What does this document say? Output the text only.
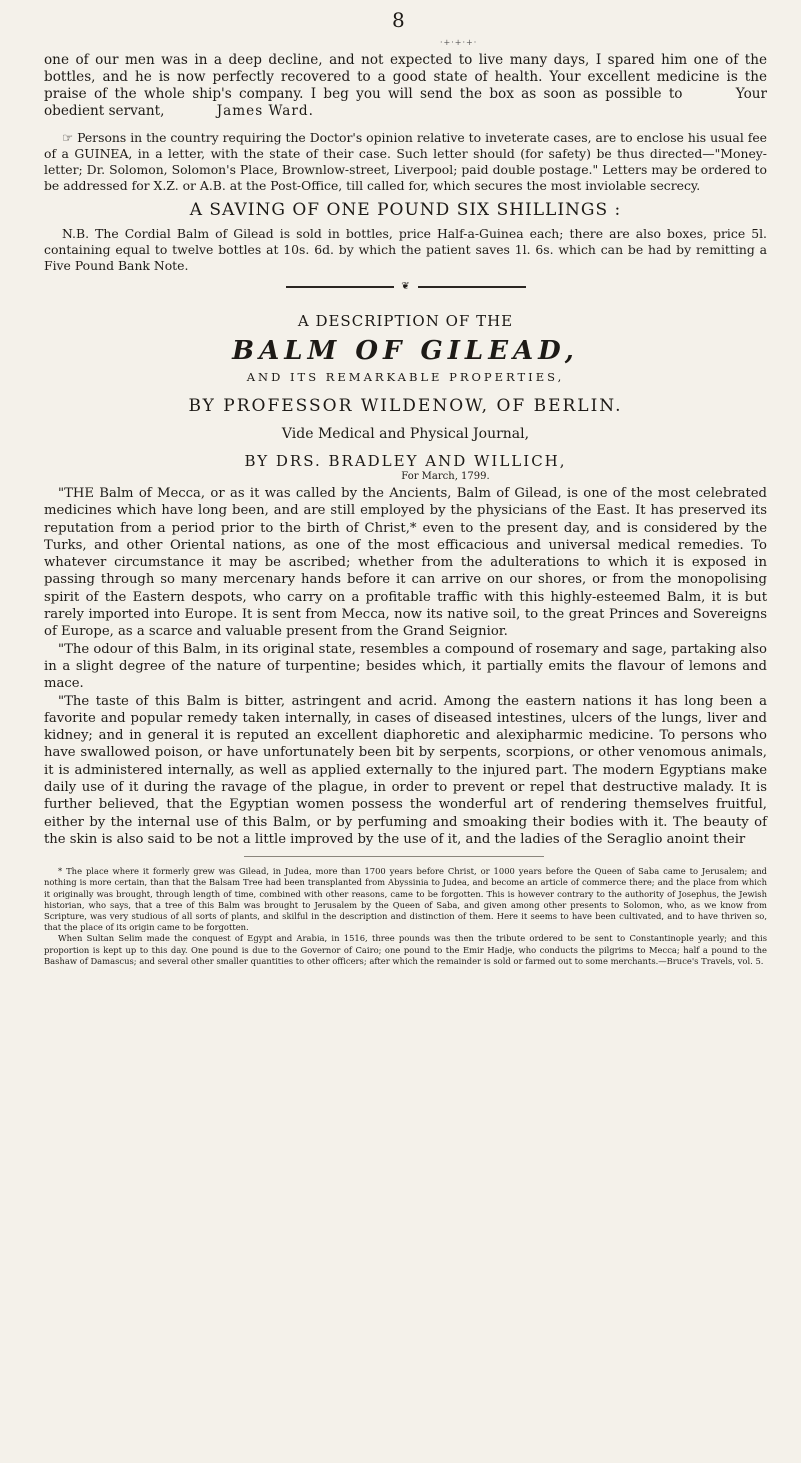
8
·+·+·+·

one of our men was in a deep decline, and not expected to live many days, I spared him one of the bottles, and he is now perfectly recovered to a good state of health. Your excellent medicine is the praise of the whole ship's company. I beg you will send the box as soon as possible to	Your obedient servant,	James Ward.

☞ Persons in the country requiring the Doctor's opinion relative to inveterate cases, are to enclose his usual fee of a GUINEA, in a letter, with the state of their case. Such letter should (for safety) be thus directed—"Money-letter; Dr. Solomon, Solomon's Place, Brownlow-street, Liverpool; paid double postage." Letters may be ordered to be addressed for X.Z. or A.B. at the Post-Office, till called for, which secures the most inviolable secrecy.

A SAVING OF ONE POUND SIX SHILLINGS :

N.B. The Cordial Balm of Gilead is sold in bottles, price Half-a-Guinea each; there are also boxes, price 5l. containing equal to twelve bottles at 10s. 6d. by which the patient saves 1l. 6s. which can be had by remitting a Five Pound Bank Note.

❦
A DESCRIPTION OF THE
BALM OF GILEAD,
AND ITS REMARKABLE PROPERTIES,
BY PROFESSOR WILDENOW, OF BERLIN.
Vide Medical and Physical Journal,
BY DRS. BRADLEY AND WILLICH,
For March, 1799.

"THE Balm of Mecca, or as it was called by the Ancients, Balm of Gilead, is one of the most celebrated medicines which have long been, and are still employed by the physicians of the East. It has preserved its reputation from a period prior to the birth of Christ,* even to the present day, and is considered by the Turks, and other Oriental nations, as one of the most efficacious and universal medical remedies. To whatever circumstance it may be ascribed; whether from the adulterations to which it is exposed in passing through so many mercenary hands before it can arrive on our shores, or from the monopolising spirit of the Eastern despots, who carry on a profitable traffic with this highly-esteemed Balm, it is but rarely imported into Europe. It is sent from Mecca, now its native soil, to the great Princes and Sovereigns of Europe, as a scarce and valuable present from the Grand Seignior.

"The odour of this Balm, in its original state, resembles a compound of rosemary and sage, partaking also in a slight degree of the nature of turpentine; besides which, it partially emits the flavour of lemons and mace.

"The taste of this Balm is bitter, astringent and acrid. Among the eastern nations it has long been a favorite and popular remedy taken internally, in cases of diseased intestines, ulcers of the lungs, liver and kidney; and in general it is reputed an excellent diaphoretic and alexipharmic medicine. To persons who have swallowed poison, or have unfortunately been bit by serpents, scorpions, or other venomous animals, it is administered internally, as well as applied externally to the injured part. The modern Egyptians make daily use of it during the ravage of the plague, in order to prevent or repel that destructive malady. It is further believed, that the Egyptian women possess the wonderful art of rendering themselves fruitful, either by the internal use of this Balm, or by perfuming and smoaking their bodies with it. The beauty of the skin is also said to be not a little improved by the use of it, and the ladies of the Seraglio anoint their

* The place where it formerly grew was Gilead, in Judea, more than 1700 years before Christ, or 1000 years before the Queen of Saba came to Jerusalem; and nothing is more certain, than that the Balsam Tree had been transplanted from Abyssinia to Judea, and become an article of commerce there; and the place from which it originally was brought, through length of time, combined with other reasons, came to be forgotten. This is however contrary to the authority of Josephus, the Jewish historian, who says, that a tree of this Balm was brought to Jerusalem by the Queen of Saba, and given among other presents to Solomon, who, as we know from Scripture, was very studious of all sorts of plants, and skilful in the description and distinction of them. Here it seems to have been cultivated, and to have thriven so, that the place of its origin came to be forgotten.

When Sultan Selim made the conquest of Egypt and Arabia, in 1516, three pounds was then the tribute ordered to be sent to Constantinople yearly; and this proportion is kept up to this day. One pound is due to the Governor of Cairo; one pound to the Emir Hadje, who conducts the pilgrims to Mecca; half a pound to the Bashaw of Damascus; and several other smaller quantities to other officers; after which the remainder is sold or farmed out to some merchants.—Bruce's Travels, vol. 5.
